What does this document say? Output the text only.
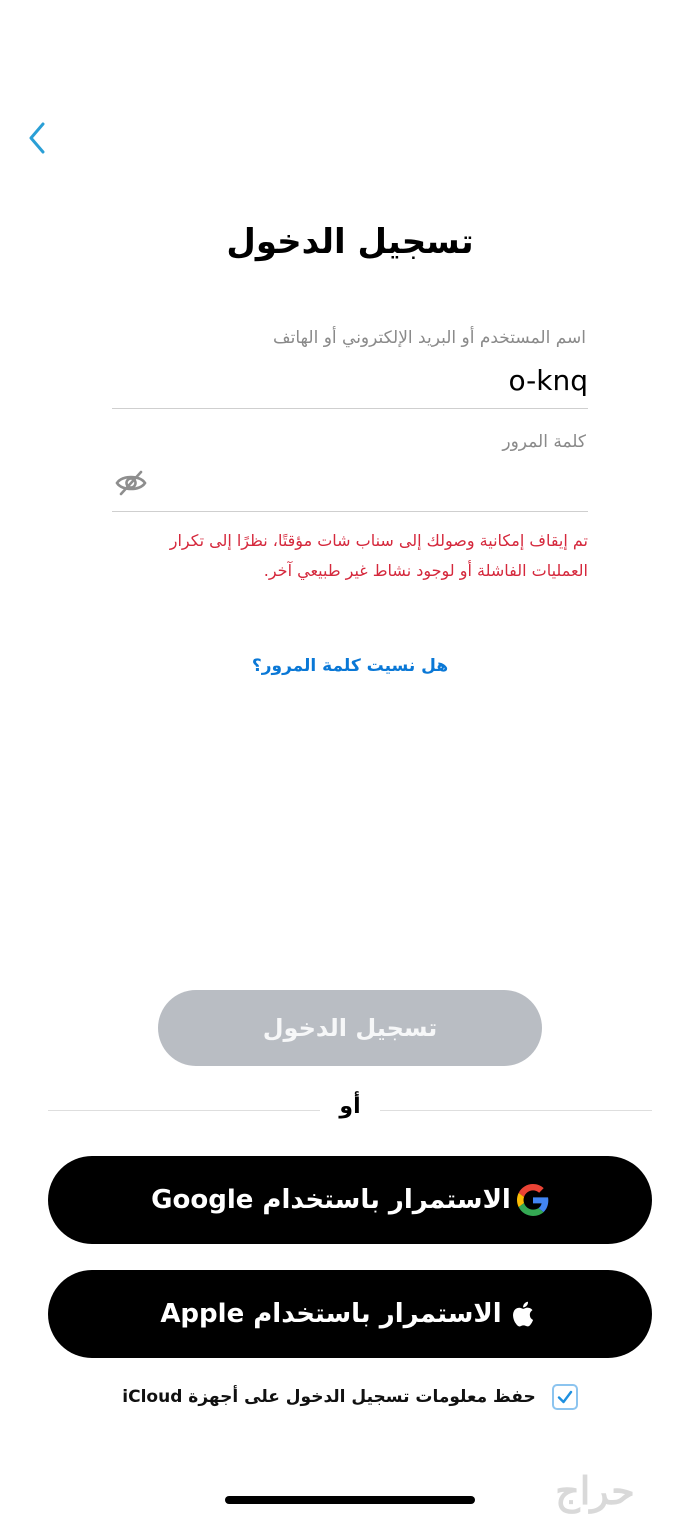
تسجيل الدخول
اسم المستخدم أو البريد الإلكتروني أو الهاتف
o-knq
كلمة المرور
تم إيقاف إمكانية وصولك إلى سناب شات مؤقتًا، نظرًا إلى تكرار
العمليات الفاشلة أو لوجود نشاط غير طبيعي آخر.
هل نسيت كلمة المرور؟
تسجيل الدخول
أو
الاستمرار باستخدام Google
الاستمرار باستخدام Apple
حفظ معلومات تسجيل الدخول على أجهزة iCloud
حراج
